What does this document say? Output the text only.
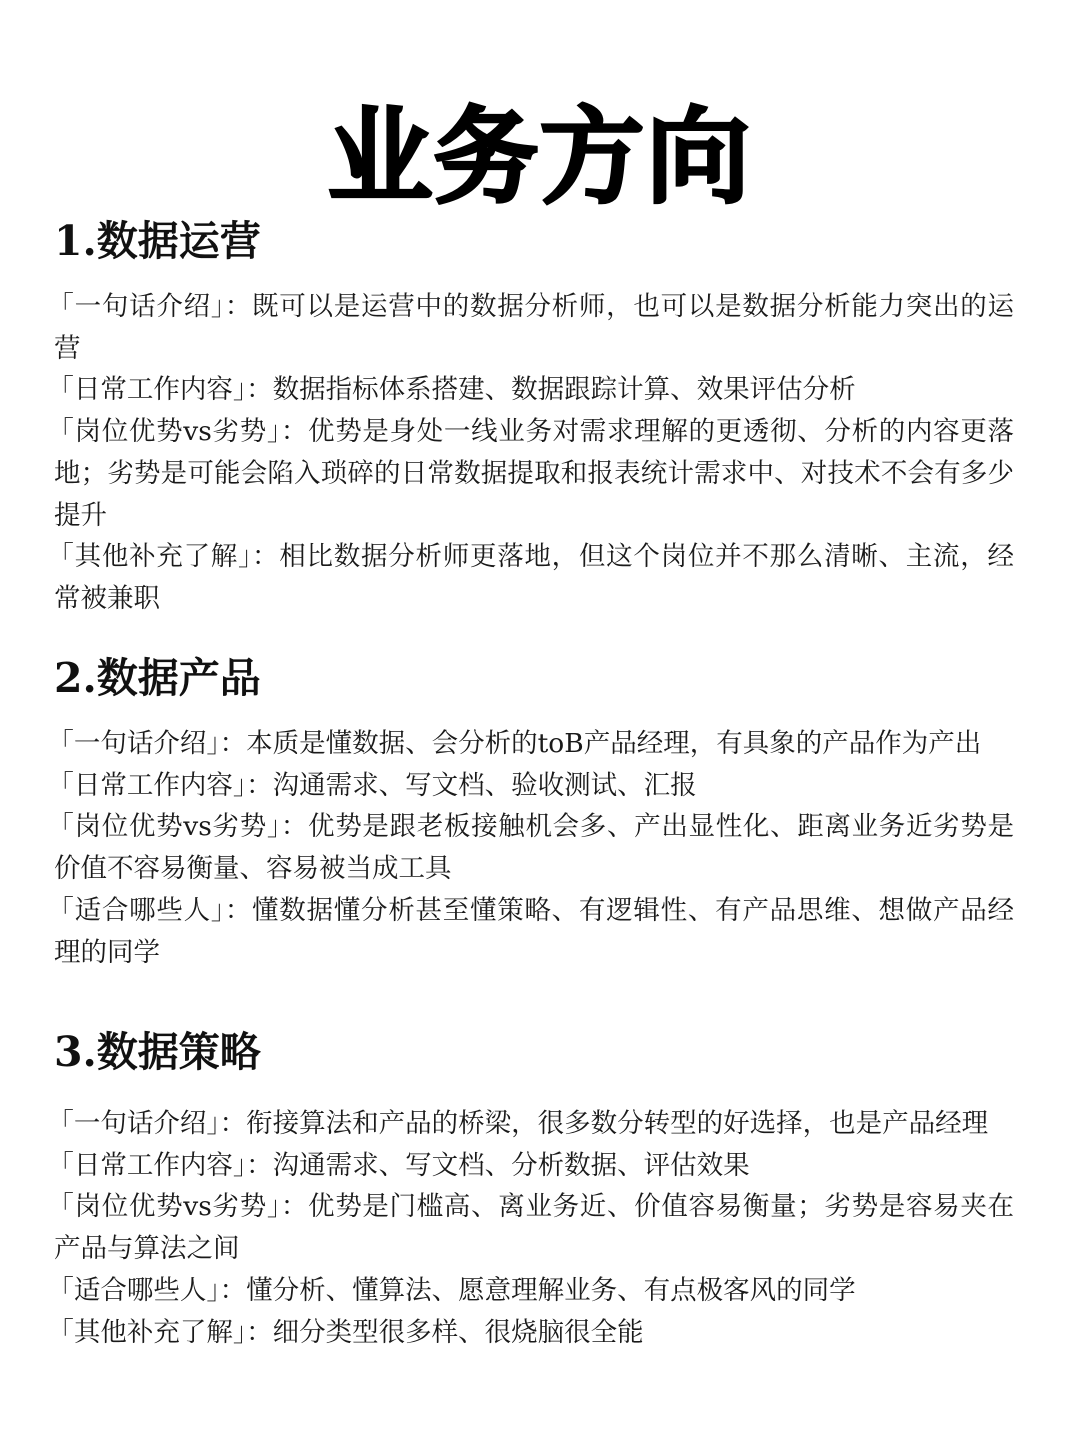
业务方向
1.数据运营

「一句话介绍」：既可以是运营中的数据分析师，也可以是数据分析能力突出的运营

「日常工作内容」：数据指标体系搭建、数据跟踪计算、效果评估分析

「岗位优势vs劣势」：优势是身处一线业务对需求理解的更透彻、分析的内容更落地；劣势是可能会陷入琐碎的日常数据提取和报表统计需求中、对技术不会有多少提升

「其他补充了解」：相比数据分析师更落地，但这个岗位并不那么清晰、主流，经常被兼职

2.数据产品

「一句话介绍」：本质是懂数据、会分析的toB产品经理，有具象的产品作为产出

「日常工作内容」：沟通需求、写文档、验收测试、汇报

「岗位优势vs劣势」：优势是跟老板接触机会多、产出显性化、距离业务近劣势是价值不容易衡量、容易被当成工具

「适合哪些人」：懂数据懂分析甚至懂策略、有逻辑性、有产品思维、想做产品经理的同学

3.数据策略

「一句话介绍」：衔接算法和产品的桥梁，很多数分转型的好选择，也是产品经理

「日常工作内容」：沟通需求、写文档、分析数据、评估效果

「岗位优势vs劣势」：优势是门槛高、离业务近、价值容易衡量；劣势是容易夹在产品与算法之间

「适合哪些人」：懂分析、懂算法、愿意理解业务、有点极客风的同学

「其他补充了解」：细分类型很多样、很烧脑很全能
